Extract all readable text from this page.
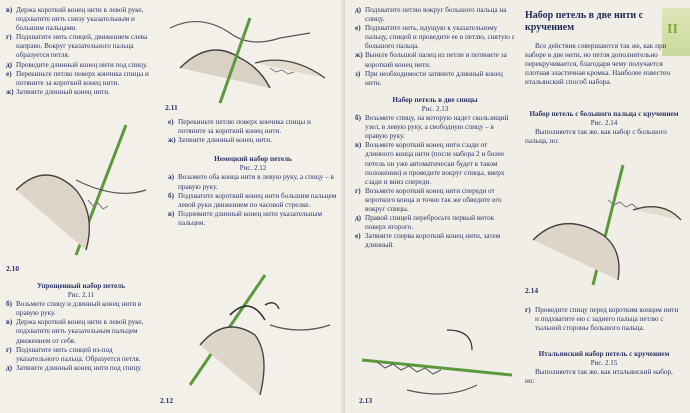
в) Держа короткий конец нити в левой руке, подхватите нить снизу указательным и большим пальцами.

г) Подхватите нить спицей, движением слева направо. Вокруг указательного пальца образуется петля.

д) Проведите длинный конец нити под спицу.

е) Перекиньте петлю поверх кончика спицы и потяните за короткий конец нити.

ж) Затяните длинный конец нити.

2.11
2.10

Упрощенный набор петель

Рис. 2.11

б) Возьмите спицу и длинный конец нити в правую руку.

в) Держа короткий конец нити в левой руке, подхватите нить указательным пальцем движением от себя.

г) Подхватите нить спицей из-под указательного пальца. Образуется петля.

д) Затяните длинный конец нити под спицу.

е) Перекиньте петлю поверх кончика спицы и потяните за короткий конец нити.

ж) Затяните длинный конец нити.

Немецкий набор петель

Рис. 2.12

а) Возьмите оба конца нити в левую руку, а спицу – в правую руку.

б) Подхватите короткий конец нити большим пальцем левой руки движением по часовой стрелке.

в) Поднимите длинный конец нити указательным пальцем.

2.12

д) Подхватите петлю вокруг большого пальца на спицу.

е) Подхватите нить, идущую к указательному пальцу, спицей и проведите ее в петлю, снятую с большого пальца.

ж) Выньте большой палец из петли и потяните за короткий конец нити.

з) При необходимости затяните длинный конец нити.

Набор петель в две спицы

Рис. 2.13

б) Возьмите спицу, на которую надет скользящий узел, в левую руку, а свободную спицу – в правую руку.

в) Возьмите короткий конец нити сзади от длинного конца нити (после набора 2 и более петель он уже автоматически будет в таком положении) и проведите вокруг спицы, вверх сзади и вниз спереди.

г) Возьмите короткий конец нити спереди от короткого конца и точно так же обведите его вокруг спицы.

д) Правой спицей перебросьте первый виток поверх второго.

е) Затяните сперва короткий конец нити, затем длинный.

2.13
Набор петель в две нити с кручением	II
Все действия совершаются так же, как при наборе в две нити, но петля дополнительно перекручивается, благодаря чему получается плотная эластичная кромка. Наиболее известен итальянский способ набора.

Набор петель с большого пальца с кручением

Рис. 2.14

Выполняется так же, как набор с большого пальца, но:

2.14

г) Проведите спицу перед коротким концом нити и подхватите ею с заднего пальца петлю с тыльной стороны большого пальца.

Итальянский набор петель с кручением

Рис. 2.15

Выполняется так же, как итальянский набор, но:
